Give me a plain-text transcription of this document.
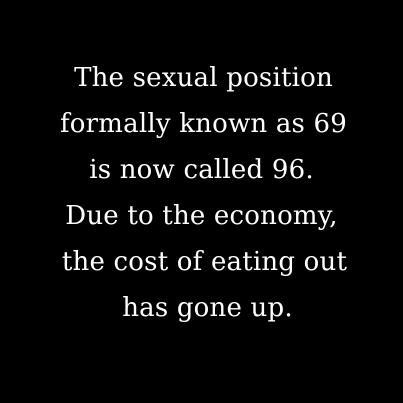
The sexual position
formally known as 69
is now called 96.
Due to the economy,
the cost of eating out
has gone up.
